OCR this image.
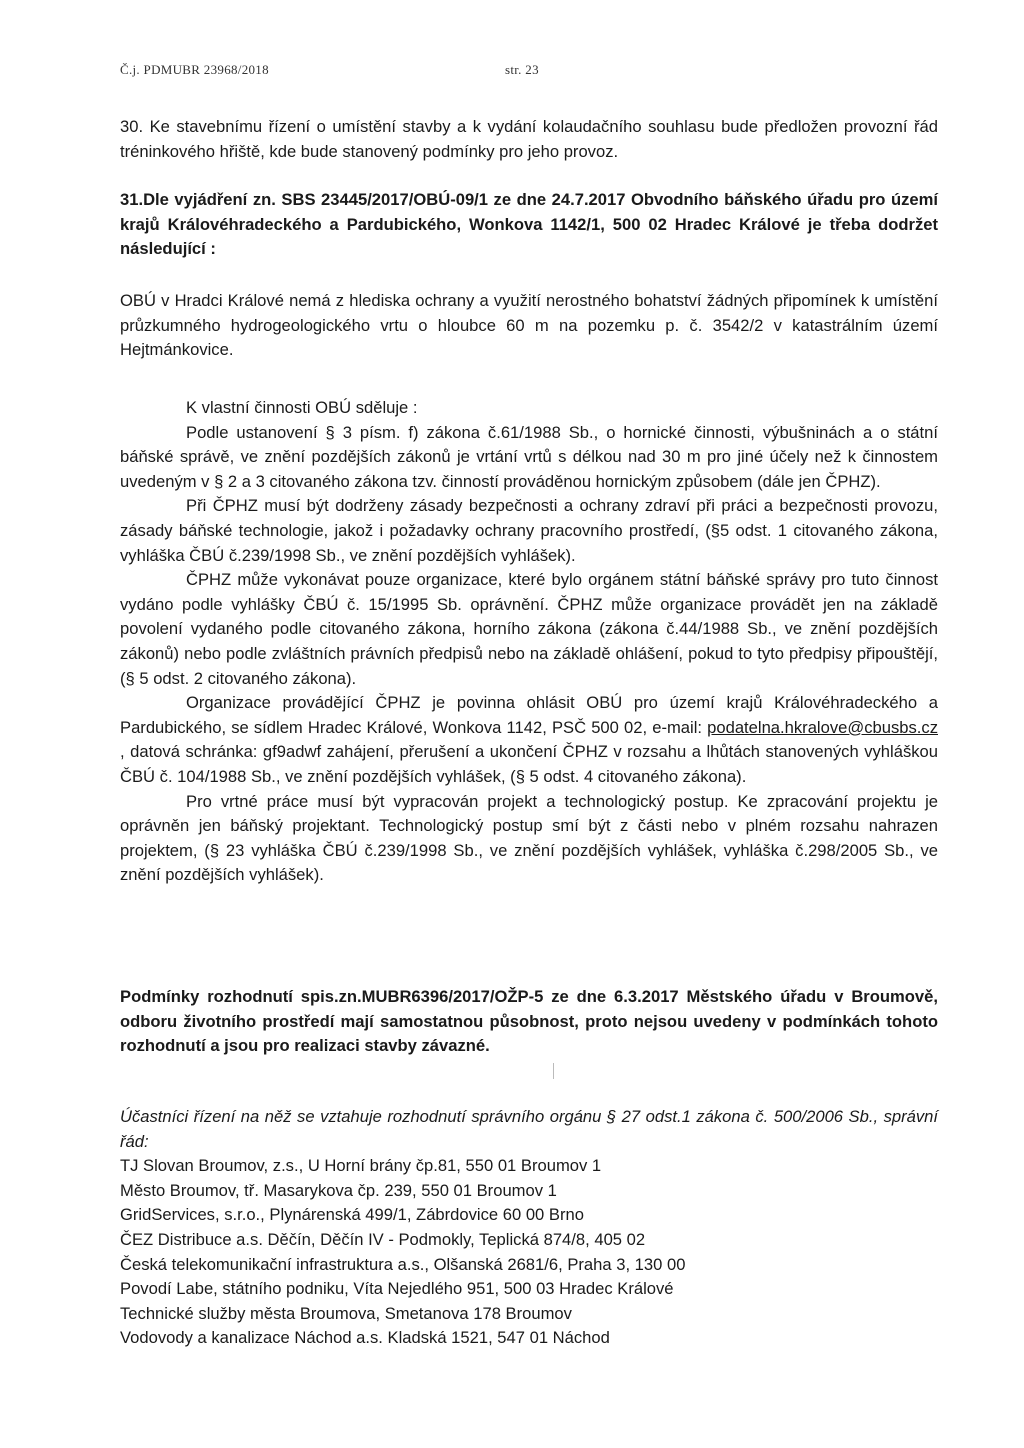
Č.j. PDMUBR 23968/2018	str. 23

30. Ke stavebnímu řízení o umístění stavby a k vydání kolaudačního souhlasu bude předložen provozní řád tréninkového hřiště, kde bude stanovený podmínky pro jeho provoz.

31.Dle vyjádření zn. SBS 23445/2017/OBÚ-09/1 ze dne 24.7.2017 Obvodního báňského úřadu pro území krajů Královéhradeckého a Pardubického, Wonkova 1142/1, 500 02 Hradec Králové je třeba dodržet následující :

OBÚ v Hradci Králové nemá z hlediska ochrany a využití nerostného bohatství žádných připomínek k umístění průzkumného hydrogeologického vrtu o hloubce 60 m na pozemku p. č. 3542/2 v katastrálním území Hejtmánkovice.

K vlastní činnosti OBÚ sděluje :

Podle ustanovení § 3 písm. f) zákona č.61/1988 Sb., o hornické činnosti, výbušninách a o státní báňské správě, ve znění pozdějších zákonů je vrtání vrtů s délkou nad 30 m pro jiné účely než k činnostem uvedeným v § 2 a 3 citovaného zákona tzv. činností prováděnou hornickým způsobem (dále jen ČPHZ).

Při ČPHZ musí být dodrženy zásady bezpečnosti a ochrany zdraví při práci a bezpečnosti provozu, zásady báňské technologie, jakož i požadavky ochrany pracovního prostředí, (§5 odst. 1 citovaného zákona, vyhláška ČBÚ č.239/1998 Sb., ve znění pozdějších vyhlášek).

ČPHZ může vykonávat pouze organizace, které bylo orgánem státní báňské správy pro tuto činnost vydáno podle vyhlášky ČBÚ č. 15/1995 Sb. oprávnění. ČPHZ může organizace provádět jen na základě povolení vydaného podle citovaného zákona, horního zákona (zákona č.44/1988 Sb., ve znění pozdějších zákonů) nebo podle zvláštních právních předpisů nebo na základě ohlášení, pokud to tyto předpisy připouštějí, (§ 5 odst. 2 citovaného zákona).

Organizace provádějící ČPHZ je povinna ohlásit OBÚ pro území krajů Královéhradeckého a Pardubického, se sídlem Hradec Králové, Wonkova 1142, PSČ 500 02, e-mail: podatelna.hkralove@cbusbs.cz , datová schránka: gf9adwf zahájení, přerušení a ukončení ČPHZ v rozsahu a lhůtách stanovených vyhláškou ČBÚ č. 104/1988 Sb., ve znění pozdějších vyhlášek, (§ 5 odst. 4 citovaného zákona).

Pro vrtné práce musí být vypracován projekt a technologický postup. Ke zpracování projektu je oprávněn jen báňský projektant. Technologický postup smí být z části nebo v plném rozsahu nahrazen projektem, (§ 23 vyhláška ČBÚ č.239/1998 Sb., ve znění pozdějších vyhlášek, vyhláška č.298/2005 Sb., ve znění pozdějších vyhlášek).

Podmínky rozhodnutí spis.zn.MUBR6396/2017/OŽP-5 ze dne 6.3.2017 Městského úřadu v Broumově, odboru životního prostředí mají samostatnou působnost, proto nejsou uvedeny v podmínkách tohoto rozhodnutí a jsou pro realizaci stavby závazné.

Účastníci řízení na něž se vztahuje rozhodnutí správního orgánu § 27 odst.1 zákona č. 500/2006 Sb., správní řád:

TJ Slovan Broumov, z.s., U Horní brány čp.81, 550 01 Broumov 1

Město Broumov, tř. Masarykova čp. 239, 550 01 Broumov 1

GridServices, s.r.o., Plynárenská 499/1, Zábrdovice 60 00 Brno

ČEZ Distribuce a.s. Děčín, Děčín IV - Podmokly, Teplická 874/8, 405 02

Česká telekomunikační infrastruktura a.s., Olšanská 2681/6, Praha 3, 130 00

Povodí Labe, státního podniku, Víta Nejedlého 951, 500 03 Hradec Králové

Technické služby města Broumova, Smetanova 178 Broumov

Vodovody a kanalizace Náchod a.s. Kladská 1521, 547 01 Náchod
